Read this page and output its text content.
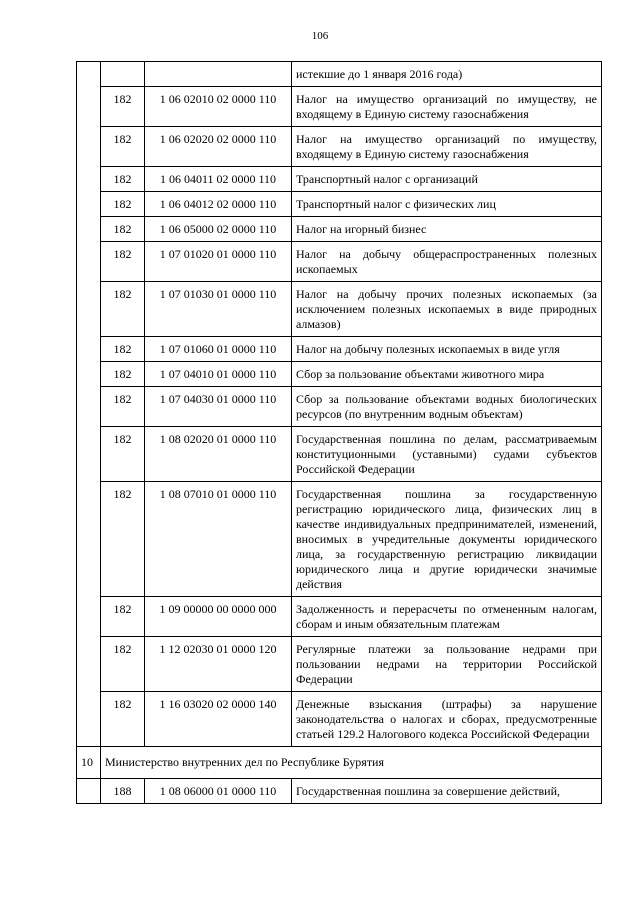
106
			истекшие до 1 января 2016 года)
	182	1 06 02010 02 0000 110	Налог на имущество организаций по имуществу, не входящему в Единую систему газоснабжения
	182	1 06 02020 02 0000 110	Налог на имущество организаций по имуществу, входящему в Единую систему газоснабжения
	182	1 06 04011 02 0000 110	Транспортный налог с организаций
	182	1 06 04012 02 0000 110	Транспортный налог с физических лиц
	182	1 06 05000 02 0000 110	Налог на игорный бизнес
	182	1 07 01020 01 0000 110	Налог на добычу общераспространенных полезных ископаемых
	182	1 07 01030 01 0000 110	Налог на добычу прочих полезных ископаемых (за исключением полезных ископаемых в виде природных алмазов)
	182	1 07 01060 01 0000 110	Налог на добычу полезных ископаемых в виде угля
	182	1 07 04010 01 0000 110	Сбор за пользование объектами животного мира
	182	1 07 04030 01 0000 110	Сбор за пользование объектами водных биологических ресурсов (по внутренним водным объектам)
	182	1 08 02020 01 0000 110	Государственная пошлина по делам, рассматриваемым конституционными (уставными) судами субъектов Российской Федерации
	182	1 08 07010 01 0000 110	Государственная пошлина за государственную регистрацию юридического лица, физических лиц в качестве индивидуальных предпринимателей, изменений, вносимых в учредительные документы юридического лица, за государственную регистрацию ликвидации юридического лица и другие юридически значимые действия
	182	1 09 00000 00 0000 000	Задолженность и перерасчеты по отмененным налогам, сборам и иным обязательным платежам
	182	1 12 02030 01 0000 120	Регулярные платежи за пользование недрами при пользовании недрами на территории Российской Федерации
	182	1 16 03020 02 0000 140	Денежные взыскания (штрафы) за нарушение законодательства о налогах и сборах, предусмотренные статьей 129.2 Налогового кодекса Российской Федерации
10	Министерство внутренних дел по Республике Бурятия		
	188	1 08 06000 01 0000 110	Государственная пошлина за совершение действий,
